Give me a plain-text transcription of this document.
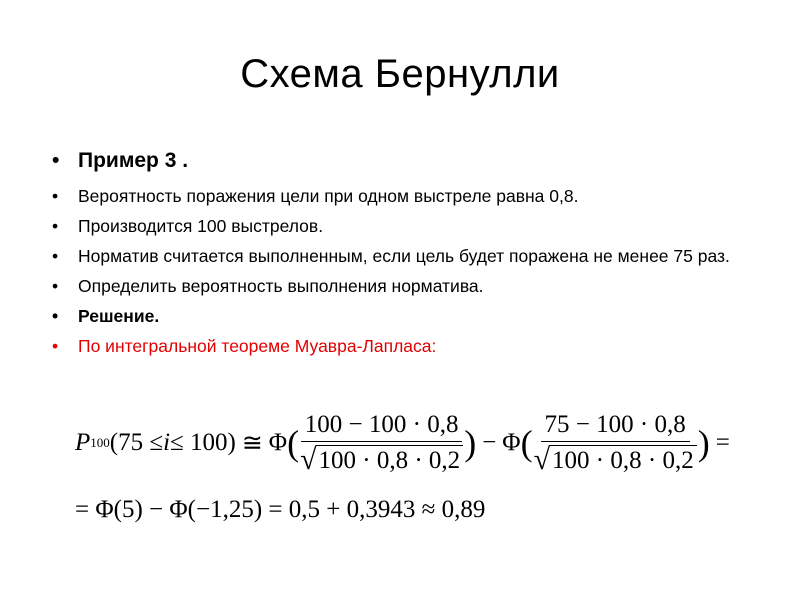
Схема Бернулли
• Пример 3 .
• Вероятность поражения цели при одном выстреле равна 0,8.
• Производится 100 выстрелов.
• Норматив считается выполненным, если цель будет поражена не менее 75 раз.
• Определить вероятность выполнения норматива.
• Решение.
• По интегральной теореме Муавра-Лапласа:
P 100 (75 ≤ i ≤ 100) ≅ Φ ( $\frac{100 - 100 \cdot 0,8}{√ 100 \cdot 0,8 \cdot 0,2}$ ) − Φ ( $\frac{75 - 100 \cdot 0,8}{√ 100 \cdot 0,8 \cdot 0,2}$ ) =
= Φ(5) − Φ(−1,25) = 0,5 + 0,3943 ≈ 0,89
